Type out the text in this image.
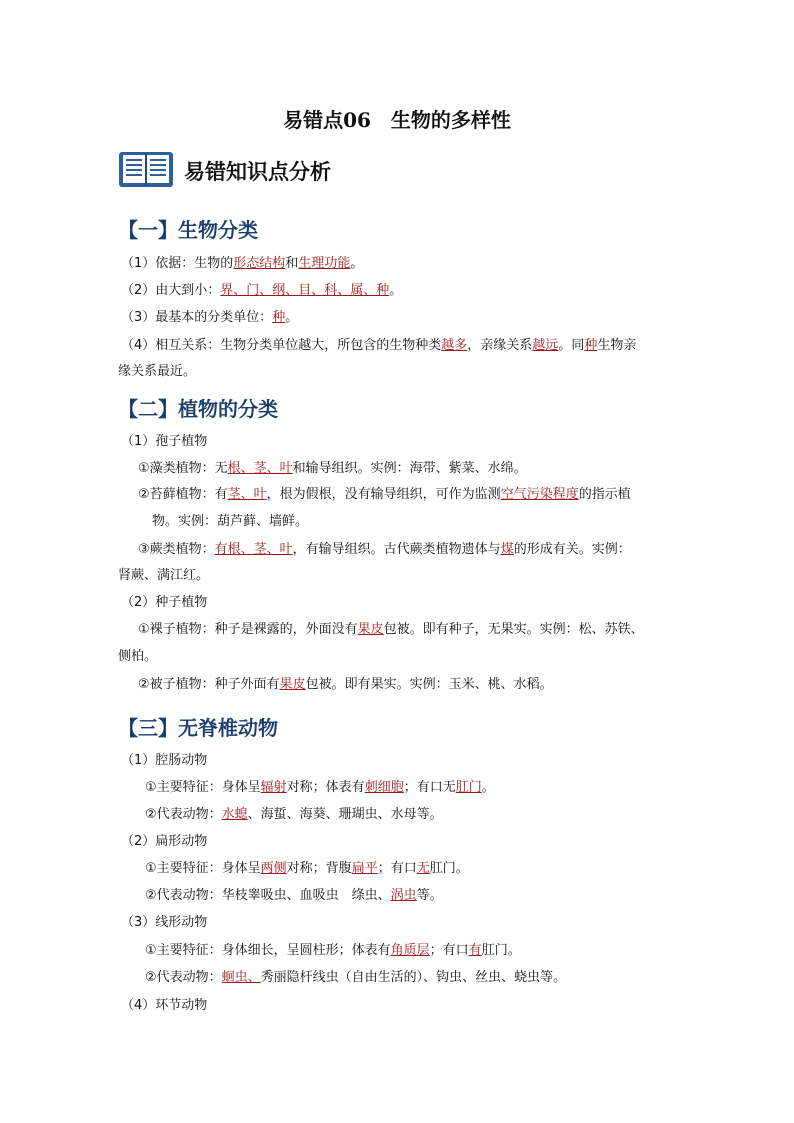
易错点06　生物的多样性
易错知识点分析
【一】生物分类
（1）依据：生物的形态结构和生理功能。
（2）由大到小：界、门、纲、目、科、属、种。
（3）最基本的分类单位：种。
（4）相互关系：生物分类单位越大，所包含的生物种类越多，亲缘关系越远。同种生物亲
缘关系最近。
【二】植物的分类
（1）孢子植物
①藻类植物：无根、茎、叶和输导组织。实例：海带、紫菜、水绵。
②苔藓植物：有茎、叶，根为假根，没有输导组织，可作为监测空气污染程度的指示植
物。实例：葫芦藓、墙鲜。
③蕨类植物：有根、茎、叶，有输导组织。古代蕨类植物遗体与煤的形成有关。实例：
肾蕨、满江红。
（2）种子植物
①裸子植物：种子是裸露的，外面没有果皮包被。即有种子，无果实。实例：松、苏铁、
侧柏。
②被子植物：种子外面有果皮包被。即有果实。实例：玉米、桃、水稻。
【三】无脊椎动物
（1）腔肠动物
①主要特征：身体呈辐射对称；体表有刺细胞；有口无肛门。
②代表动物：水螅、海蜇、海葵、珊瑚虫、水母等。
（2）扁形动物
①主要特征：身体呈两侧对称；背腹扁平；有口无肛门。
②代表动物：华枝睾吸虫、血吸虫　绦虫、涡虫等。
（3）线形动物
①主要特征：身体细长，呈圆柱形；体表有角质层；有口有肛门。
②代表动物：蛔虫、秀丽隐杆线虫（自由生活的）、钩虫、丝虫、蛲虫等。
（4）环节动物
